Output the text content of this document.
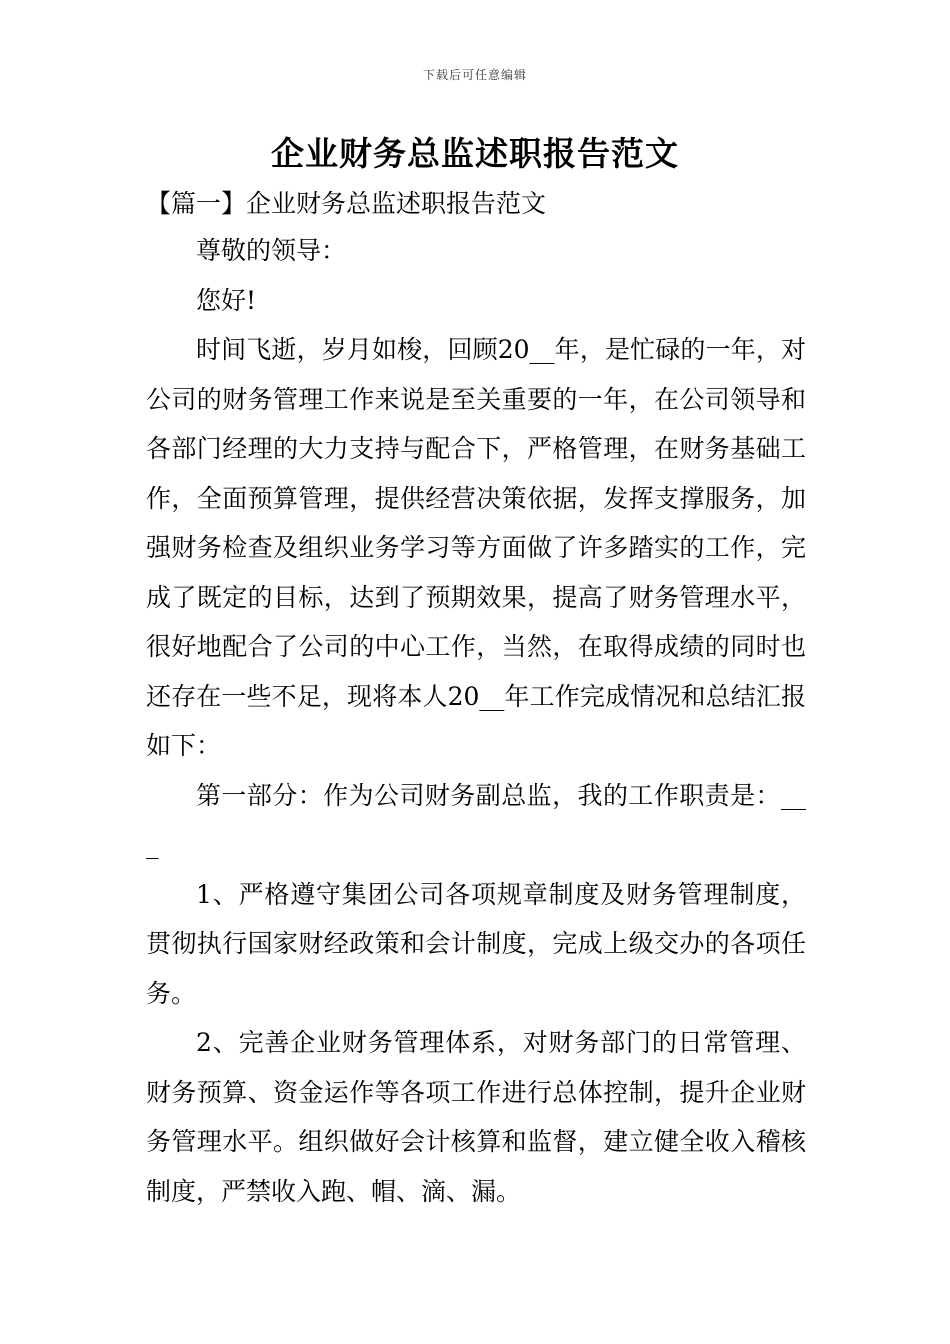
下载后可任意编辑
企业财务总监述职报告范文
【篇一】企业财务总监述职报告范文

尊敬的领导：

您好!

时间飞逝，岁月如梭，回顾20__年，是忙碌的一年，对公司的财务管理工作来说是至关重要的一年，在公司领导和各部门经理的大力支持与配合下，严格管理，在财务基础工作，全面预算管理，提供经营决策依据，发挥支撑服务，加强财务检查及组织业务学习等方面做了许多踏实的工作，完成了既定的目标，达到了预期效果，提高了财务管理水平，很好地配合了公司的中心工作，当然，在取得成绩的同时也还存在一些不足，现将本人20__年工作完成情况和总结汇报如下：

第一部分：作为公司财务副总监，我的工作职责是：___

1、严格遵守集团公司各项规章制度及财务管理制度，贯彻执行国家财经政策和会计制度，完成上级交办的各项任务。

2、完善企业财务管理体系，对财务部门的日常管理、财务预算、资金运作等各项工作进行总体控制，提升企业财务管理水平。组织做好会计核算和监督，建立健全收入稽核制度，严禁收入跑、帽、滴、漏。
